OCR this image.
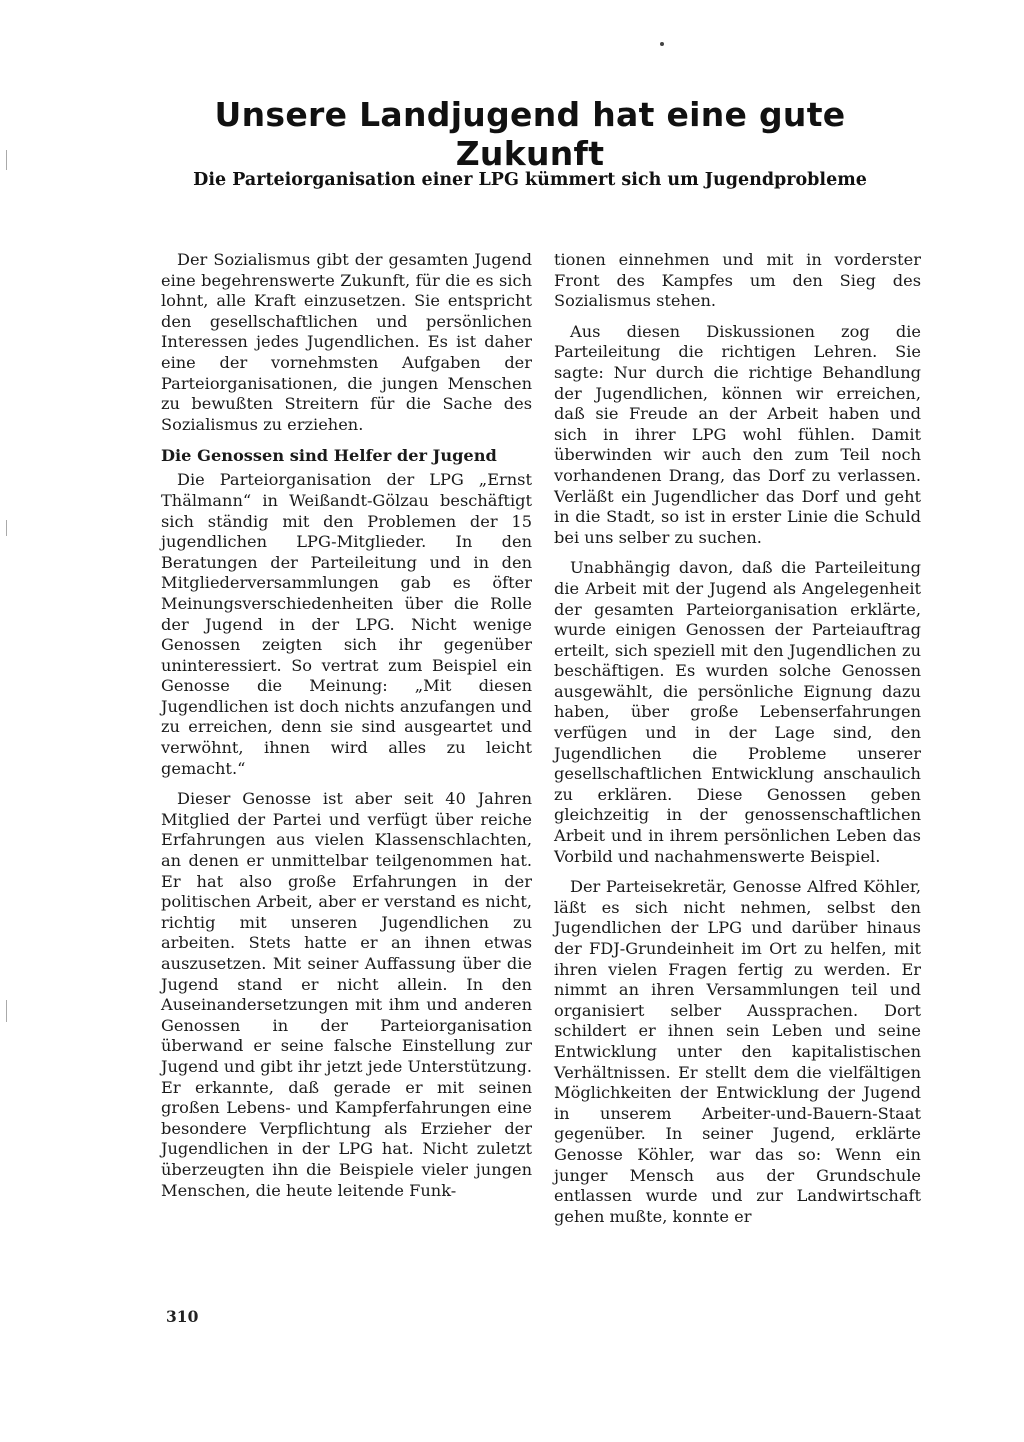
Unsere Landjugend hat eine gute Zukunft
Die Parteiorganisation einer LPG kümmert sich um Jugendprobleme

Der Sozialismus gibt der gesamten Jugend eine begehrenswerte Zukunft, für die es sich lohnt, alle Kraft einzusetzen. Sie entspricht den gesellschaftlichen und persönlichen Interessen jedes Jugendlichen. Es ist daher eine der vornehmsten Aufgaben der Parteiorganisationen, die jungen Menschen zu bewußten Streitern für die Sache des Sozialismus zu erziehen.

Die Genossen sind Helfer der Jugend

Die Parteiorganisation der LPG „Ernst Thälmann“ in Weißandt-Gölzau beschäftigt sich ständig mit den Problemen der 15 jugendlichen LPG-Mitglieder. In den Beratungen der Parteileitung und in den Mitgliederversammlungen gab es öfter Meinungsverschiedenheiten über die Rolle der Jugend in der LPG. Nicht wenige Genossen zeigten sich ihr gegenüber uninteressiert. So vertrat zum Beispiel ein Genosse die Meinung: „Mit diesen Jugendlichen ist doch nichts anzufangen und zu erreichen, denn sie sind ausgeartet und verwöhnt, ihnen wird alles zu leicht gemacht.“

Dieser Genosse ist aber seit 40 Jahren Mitglied der Partei und verfügt über reiche Erfahrungen aus vielen Klassenschlachten, an denen er unmittelbar teilgenommen hat. Er hat also große Erfahrungen in der politischen Arbeit, aber er verstand es nicht, richtig mit unseren Jugendlichen zu arbeiten. Stets hatte er an ihnen etwas auszusetzen. Mit seiner Auffassung über die Jugend stand er nicht allein. In den Auseinandersetzungen mit ihm und anderen Genossen in der Parteiorganisation überwand er seine falsche Einstellung zur Jugend und gibt ihr jetzt jede Unterstützung. Er erkannte, daß gerade er mit seinen großen Lebens- und Kampferfahrungen eine besondere Verpflichtung als Erzieher der Jugendlichen in der LPG hat. Nicht zuletzt überzeugten ihn die Beispiele vieler jungen Menschen, die heute leitende Funk-

tionen einnehmen und mit in vorderster Front des Kampfes um den Sieg des Sozialismus stehen.

Aus diesen Diskussionen zog die Parteileitung die richtigen Lehren. Sie sagte: Nur durch die richtige Behandlung der Jugendlichen, können wir erreichen, daß sie Freude an der Arbeit haben und sich in ihrer LPG wohl fühlen. Damit überwinden wir auch den zum Teil noch vorhandenen Drang, das Dorf zu verlassen. Verläßt ein Jugendlicher das Dorf und geht in die Stadt, so ist in erster Linie die Schuld bei uns selber zu suchen.

Unabhängig davon, daß die Parteileitung die Arbeit mit der Jugend als Angelegenheit der gesamten Parteiorganisation erklärte, wurde einigen Genossen der Parteiauftrag erteilt, sich speziell mit den Jugendlichen zu beschäftigen. Es wurden solche Genossen ausgewählt, die persönliche Eignung dazu haben, über große Lebenserfahrungen verfügen und in der Lage sind, den Jugendlichen die Probleme unserer gesellschaftlichen Entwicklung anschaulich zu erklären. Diese Genossen geben gleichzeitig in der genossenschaftlichen Arbeit und in ihrem persönlichen Leben das Vorbild und nachahmenswerte Beispiel.

Der Parteisekretär, Genosse Alfred Köhler, läßt es sich nicht nehmen, selbst den Jugendlichen der LPG und darüber hinaus der FDJ-Grundeinheit im Ort zu helfen, mit ihren vielen Fragen fertig zu werden. Er nimmt an ihren Versammlungen teil und organisiert selber Aussprachen. Dort schildert er ihnen sein Leben und seine Entwicklung unter den kapitalistischen Verhältnissen. Er stellt dem die vielfältigen Möglichkeiten der Entwicklung der Jugend in unserem Arbeiter-und-Bauern-Staat gegenüber. In seiner Jugend, erklärte Genosse Köhler, war das so: Wenn ein junger Mensch aus der Grundschule entlassen wurde und zur Landwirtschaft gehen mußte, konnte er

310
